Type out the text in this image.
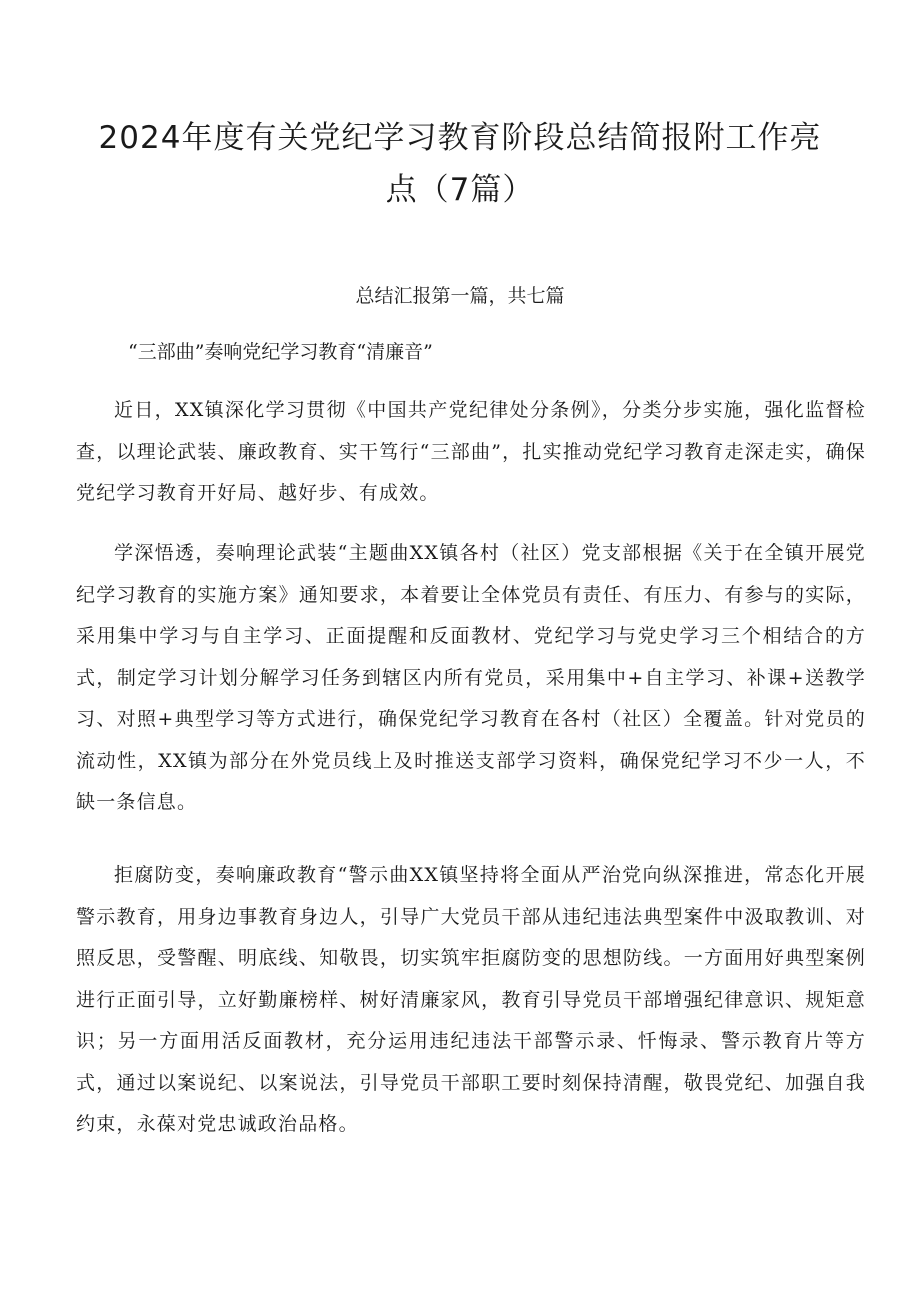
2024年度有关党纪学习教育阶段总结简报附工作亮点（7篇）

总结汇报第一篇，共七篇

“三部曲”奏响党纪学习教育“清廉音”

近日，XX镇深化学习贯彻《中国共产党纪律处分条例》，分类分步实施，强化监督检查，以理论武装、廉政教育、实干笃行“三部曲”，扎实推动党纪学习教育走深走实，确保党纪学习教育开好局、越好步、有成效。

学深悟透，奏响理论武装“主题曲XX镇各村（社区）党支部根据《关于在全镇开展党纪学习教育的实施方案》通知要求，本着要让全体党员有责任、有压力、有参与的实际，采用集中学习与自主学习、正面提醒和反面教材、党纪学习与党史学习三个相结合的方式，制定学习计划分解学习任务到辖区内所有党员，采用集中+自主学习、补课+送教学习、对照+典型学习等方式进行，确保党纪学习教育在各村（社区）全覆盖。针对党员的流动性，XX镇为部分在外党员线上及时推送支部学习资料，确保党纪学习不少一人，不缺一条信息。

拒腐防变，奏响廉政教育“警示曲XX镇坚持将全面从严治党向纵深推进，常态化开展警示教育，用身边事教育身边人，引导广大党员干部从违纪违法典型案件中汲取教训、对照反思，受警醒、明底线、知敬畏，切实筑牢拒腐防变的思想防线。一方面用好典型案例进行正面引导，立好勤廉榜样、树好清廉家风，教育引导党员干部增强纪律意识、规矩意识；另一方面用活反面教材，充分运用违纪违法干部警示录、忏悔录、警示教育片等方式，通过以案说纪、以案说法，引导党员干部职工要时刻保持清醒，敬畏党纪、加强自我约束，永葆对党忠诚政治品格。
